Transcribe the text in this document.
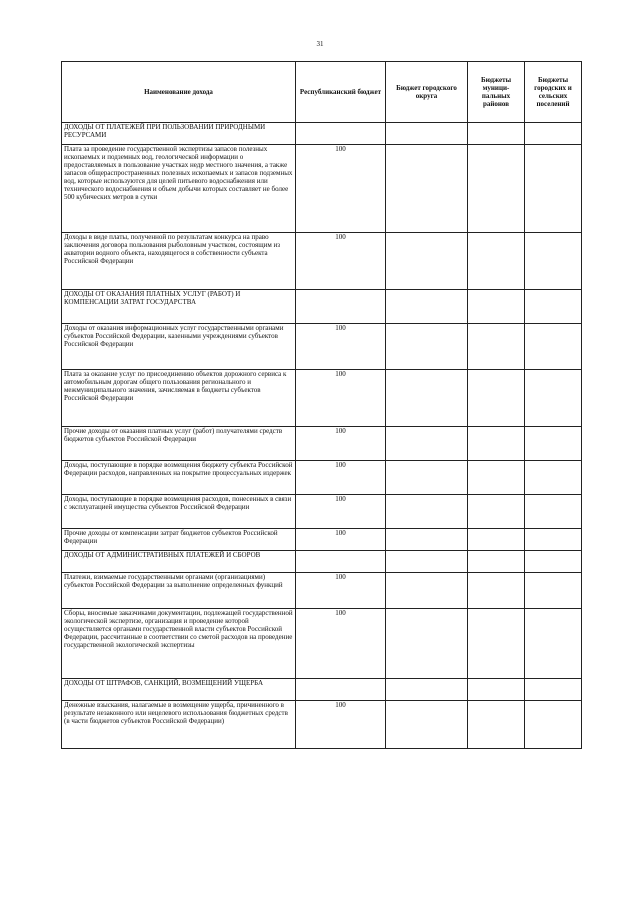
31
Наименование дохода	Республиканский бюджет	Бюджет городского округа	Бюджеты муници-пальных районов	Бюджеты городских и сельских поселений
ДОХОДЫ ОТ ПЛАТЕЖЕЙ ПРИ ПОЛЬЗОВАНИИ ПРИРОДНЫМИ РЕСУРСАМИ				
Плата за проведение государственной экспертизы запасов полезных ископаемых и подземных вод, геологической информации о предоставляемых в пользование участках недр местного значения, а также запасов общераспространенных полезных ископаемых и запасов подземных вод, которые используются для целей питьевого водоснабжения или технического водоснабжения и объем добычи которых составляет не более 500 кубических метров в сутки	100			
Доходы в виде платы, полученной по результатам конкурса на право заключения договора пользования рыболовным участком, состоящим из акватории водного объекта, находящегося в собственности субъекта Российской Федерации	100			
ДОХОДЫ ОТ ОКАЗАНИЯ ПЛАТНЫХ УСЛУГ (РАБОТ) И КОМПЕНСАЦИИ ЗАТРАТ ГОСУДАРСТВА				
Доходы от оказания информационных услуг государственными органами субъектов Российской Федерации, казенными учреждениями субъектов Российской Федерации	100			
Плата за оказание услуг по присоединению объектов дорожного сервиса к автомобильным дорогам общего пользования регионального и межмуниципального значения, зачисляемая в бюджеты субъектов Российской Федерации	100			
Прочие доходы от оказания платных услуг (работ) получателями средств бюджетов субъектов Российской Федерации	100			
Доходы, поступающие в порядке возмещения бюджету субъекта Российской Федерации расходов, направленных на покрытие процессуальных издержек	100			
Доходы, поступающие в порядке возмещения расходов, понесенных в связи с эксплуатацией имущества субъектов Российской Федерации	100			
Прочие доходы от компенсации затрат бюджетов субъектов Российской Федерации	100			
ДОХОДЫ ОТ АДМИНИСТРАТИВНЫХ ПЛАТЕЖЕЙ И СБОРОВ				
Платежи, взимаемые государственными органами (организациями) субъектов Российской Федерации за выполнение определенных функций	100			
Сборы, вносимые заказчиками документации, подлежащей государственной экологической экспертизе, организация и проведение которой осуществляется органами государственной власти субъектов Российской Федерации, рассчитанные в соответствии со сметой расходов на проведение государственной экологической экспертизы	100			
ДОХОДЫ ОТ ШТРАФОВ, САНКЦИЙ, ВОЗМЕЩЕНИЙ УЩЕРБА				
Денежные взыскания, налагаемые в возмещение ущерба, причиненного в результате незаконного или нецелевого использования бюджетных средств (в части бюджетов субъектов Российской Федерации)	100			
